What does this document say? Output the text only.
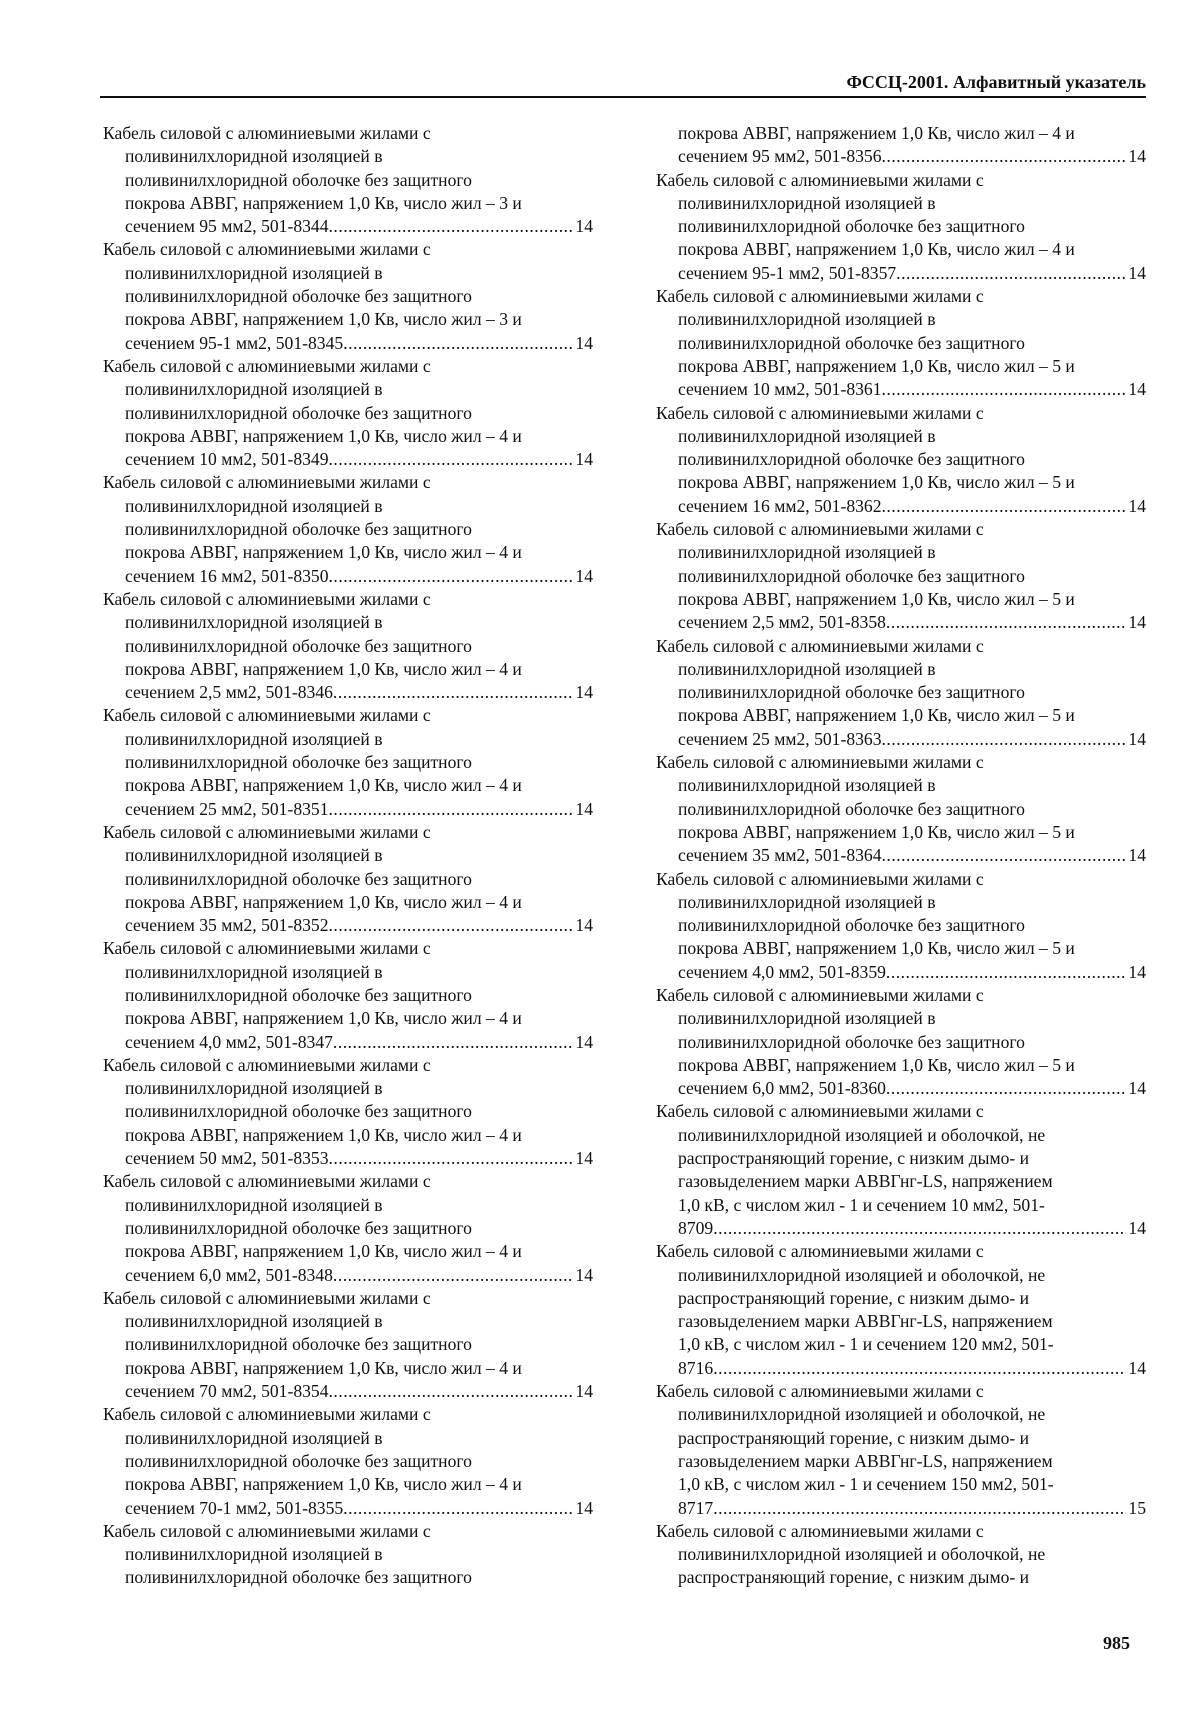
ФССЦ-2001. Алфавитный указатель
Кабель силовой с алюминиевыми жилами с
поливинилхлоридной изоляцией в
поливинилхлоридной оболочке без защитного
покрова АВВГ, напряжением 1,0 Кв, число жил – 3 и
сечением 95 мм2, 501-8344 .....	14
Кабель силовой с алюминиевыми жилами с
поливинилхлоридной изоляцией в
поливинилхлоридной оболочке без защитного
покрова АВВГ, напряжением 1,0 Кв, число жил – 3 и
сечением 95-1 мм2, 501-8345 .....	14
Кабель силовой с алюминиевыми жилами с
поливинилхлоридной изоляцией в
поливинилхлоридной оболочке без защитного
покрова АВВГ, напряжением 1,0 Кв, число жил – 4 и
сечением 10 мм2, 501-8349 .....	14
Кабель силовой с алюминиевыми жилами с
поливинилхлоридной изоляцией в
поливинилхлоридной оболочке без защитного
покрова АВВГ, напряжением 1,0 Кв, число жил – 4 и
сечением 16 мм2, 501-8350 .....	14
Кабель силовой с алюминиевыми жилами с
поливинилхлоридной изоляцией в
поливинилхлоридной оболочке без защитного
покрова АВВГ, напряжением 1,0 Кв, число жил – 4 и
сечением 2,5 мм2, 501-8346 .....	14
Кабель силовой с алюминиевыми жилами с
поливинилхлоридной изоляцией в
поливинилхлоридной оболочке без защитного
покрова АВВГ, напряжением 1,0 Кв, число жил – 4 и
сечением 25 мм2, 501-8351 .....	14
Кабель силовой с алюминиевыми жилами с
поливинилхлоридной изоляцией в
поливинилхлоридной оболочке без защитного
покрова АВВГ, напряжением 1,0 Кв, число жил – 4 и
сечением 35 мм2, 501-8352 .....	14
Кабель силовой с алюминиевыми жилами с
поливинилхлоридной изоляцией в
поливинилхлоридной оболочке без защитного
покрова АВВГ, напряжением 1,0 Кв, число жил – 4 и
сечением 4,0 мм2, 501-8347 .....	14
Кабель силовой с алюминиевыми жилами с
поливинилхлоридной изоляцией в
поливинилхлоридной оболочке без защитного
покрова АВВГ, напряжением 1,0 Кв, число жил – 4 и
сечением 50 мм2, 501-8353 .....	14
Кабель силовой с алюминиевыми жилами с
поливинилхлоридной изоляцией в
поливинилхлоридной оболочке без защитного
покрова АВВГ, напряжением 1,0 Кв, число жил – 4 и
сечением 6,0 мм2, 501-8348 .....	14
Кабель силовой с алюминиевыми жилами с
поливинилхлоридной изоляцией в
поливинилхлоридной оболочке без защитного
покрова АВВГ, напряжением 1,0 Кв, число жил – 4 и
сечением 70 мм2, 501-8354 .....	14
Кабель силовой с алюминиевыми жилами с
поливинилхлоридной изоляцией в
поливинилхлоридной оболочке без защитного
покрова АВВГ, напряжением 1,0 Кв, число жил – 4 и
сечением 70-1 мм2, 501-8355 .....	14
Кабель силовой с алюминиевыми жилами с
поливинилхлоридной изоляцией в
поливинилхлоридной оболочке без защитного
покрова АВВГ, напряжением 1,0 Кв, число жил – 4 и
сечением 95 мм2, 501-8356 .....	14
Кабель силовой с алюминиевыми жилами с
поливинилхлоридной изоляцией в
поливинилхлоридной оболочке без защитного
покрова АВВГ, напряжением 1,0 Кв, число жил – 4 и
сечением 95-1 мм2, 501-8357 .....	14
Кабель силовой с алюминиевыми жилами с
поливинилхлоридной изоляцией в
поливинилхлоридной оболочке без защитного
покрова АВВГ, напряжением 1,0 Кв, число жил – 5 и
сечением 10 мм2, 501-8361 .....	14
Кабель силовой с алюминиевыми жилами с
поливинилхлоридной изоляцией в
поливинилхлоридной оболочке без защитного
покрова АВВГ, напряжением 1,0 Кв, число жил – 5 и
сечением 16 мм2, 501-8362 .....	14
Кабель силовой с алюминиевыми жилами с
поливинилхлоридной изоляцией в
поливинилхлоридной оболочке без защитного
покрова АВВГ, напряжением 1,0 Кв, число жил – 5 и
сечением 2,5 мм2, 501-8358 .....	14
Кабель силовой с алюминиевыми жилами с
поливинилхлоридной изоляцией в
поливинилхлоридной оболочке без защитного
покрова АВВГ, напряжением 1,0 Кв, число жил – 5 и
сечением 25 мм2, 501-8363 .....	14
Кабель силовой с алюминиевыми жилами с
поливинилхлоридной изоляцией в
поливинилхлоридной оболочке без защитного
покрова АВВГ, напряжением 1,0 Кв, число жил – 5 и
сечением 35 мм2, 501-8364 .....	14
Кабель силовой с алюминиевыми жилами с
поливинилхлоридной изоляцией в
поливинилхлоридной оболочке без защитного
покрова АВВГ, напряжением 1,0 Кв, число жил – 5 и
сечением 4,0 мм2, 501-8359 .....	14
Кабель силовой с алюминиевыми жилами с
поливинилхлоридной изоляцией в
поливинилхлоридной оболочке без защитного
покрова АВВГ, напряжением 1,0 Кв, число жил – 5 и
сечением 6,0 мм2, 501-8360 .....	14
Кабель силовой с алюминиевыми жилами с
поливинилхлоридной изоляцией и оболочкой, не
распространяющий горение, с низким дымо- и
газовыделением марки АВВГнг-LS, напряжением
1,0 кВ, с числом жил - 1 и сечением 10 мм2, 501-
8709 .....	14
Кабель силовой с алюминиевыми жилами с
поливинилхлоридной изоляцией и оболочкой, не
распространяющий горение, с низким дымо- и
газовыделением марки АВВГнг-LS, напряжением
1,0 кВ, с числом жил - 1 и сечением 120 мм2, 501-
8716 .....	14
Кабель силовой с алюминиевыми жилами с
поливинилхлоридной изоляцией и оболочкой, не
распространяющий горение, с низким дымо- и
газовыделением марки АВВГнг-LS, напряжением
1,0 кВ, с числом жил - 1 и сечением 150 мм2, 501-
8717 .....	15
Кабель силовой с алюминиевыми жилами с
поливинилхлоридной изоляцией и оболочкой, не
распространяющий горение, с низким дымо- и
985
